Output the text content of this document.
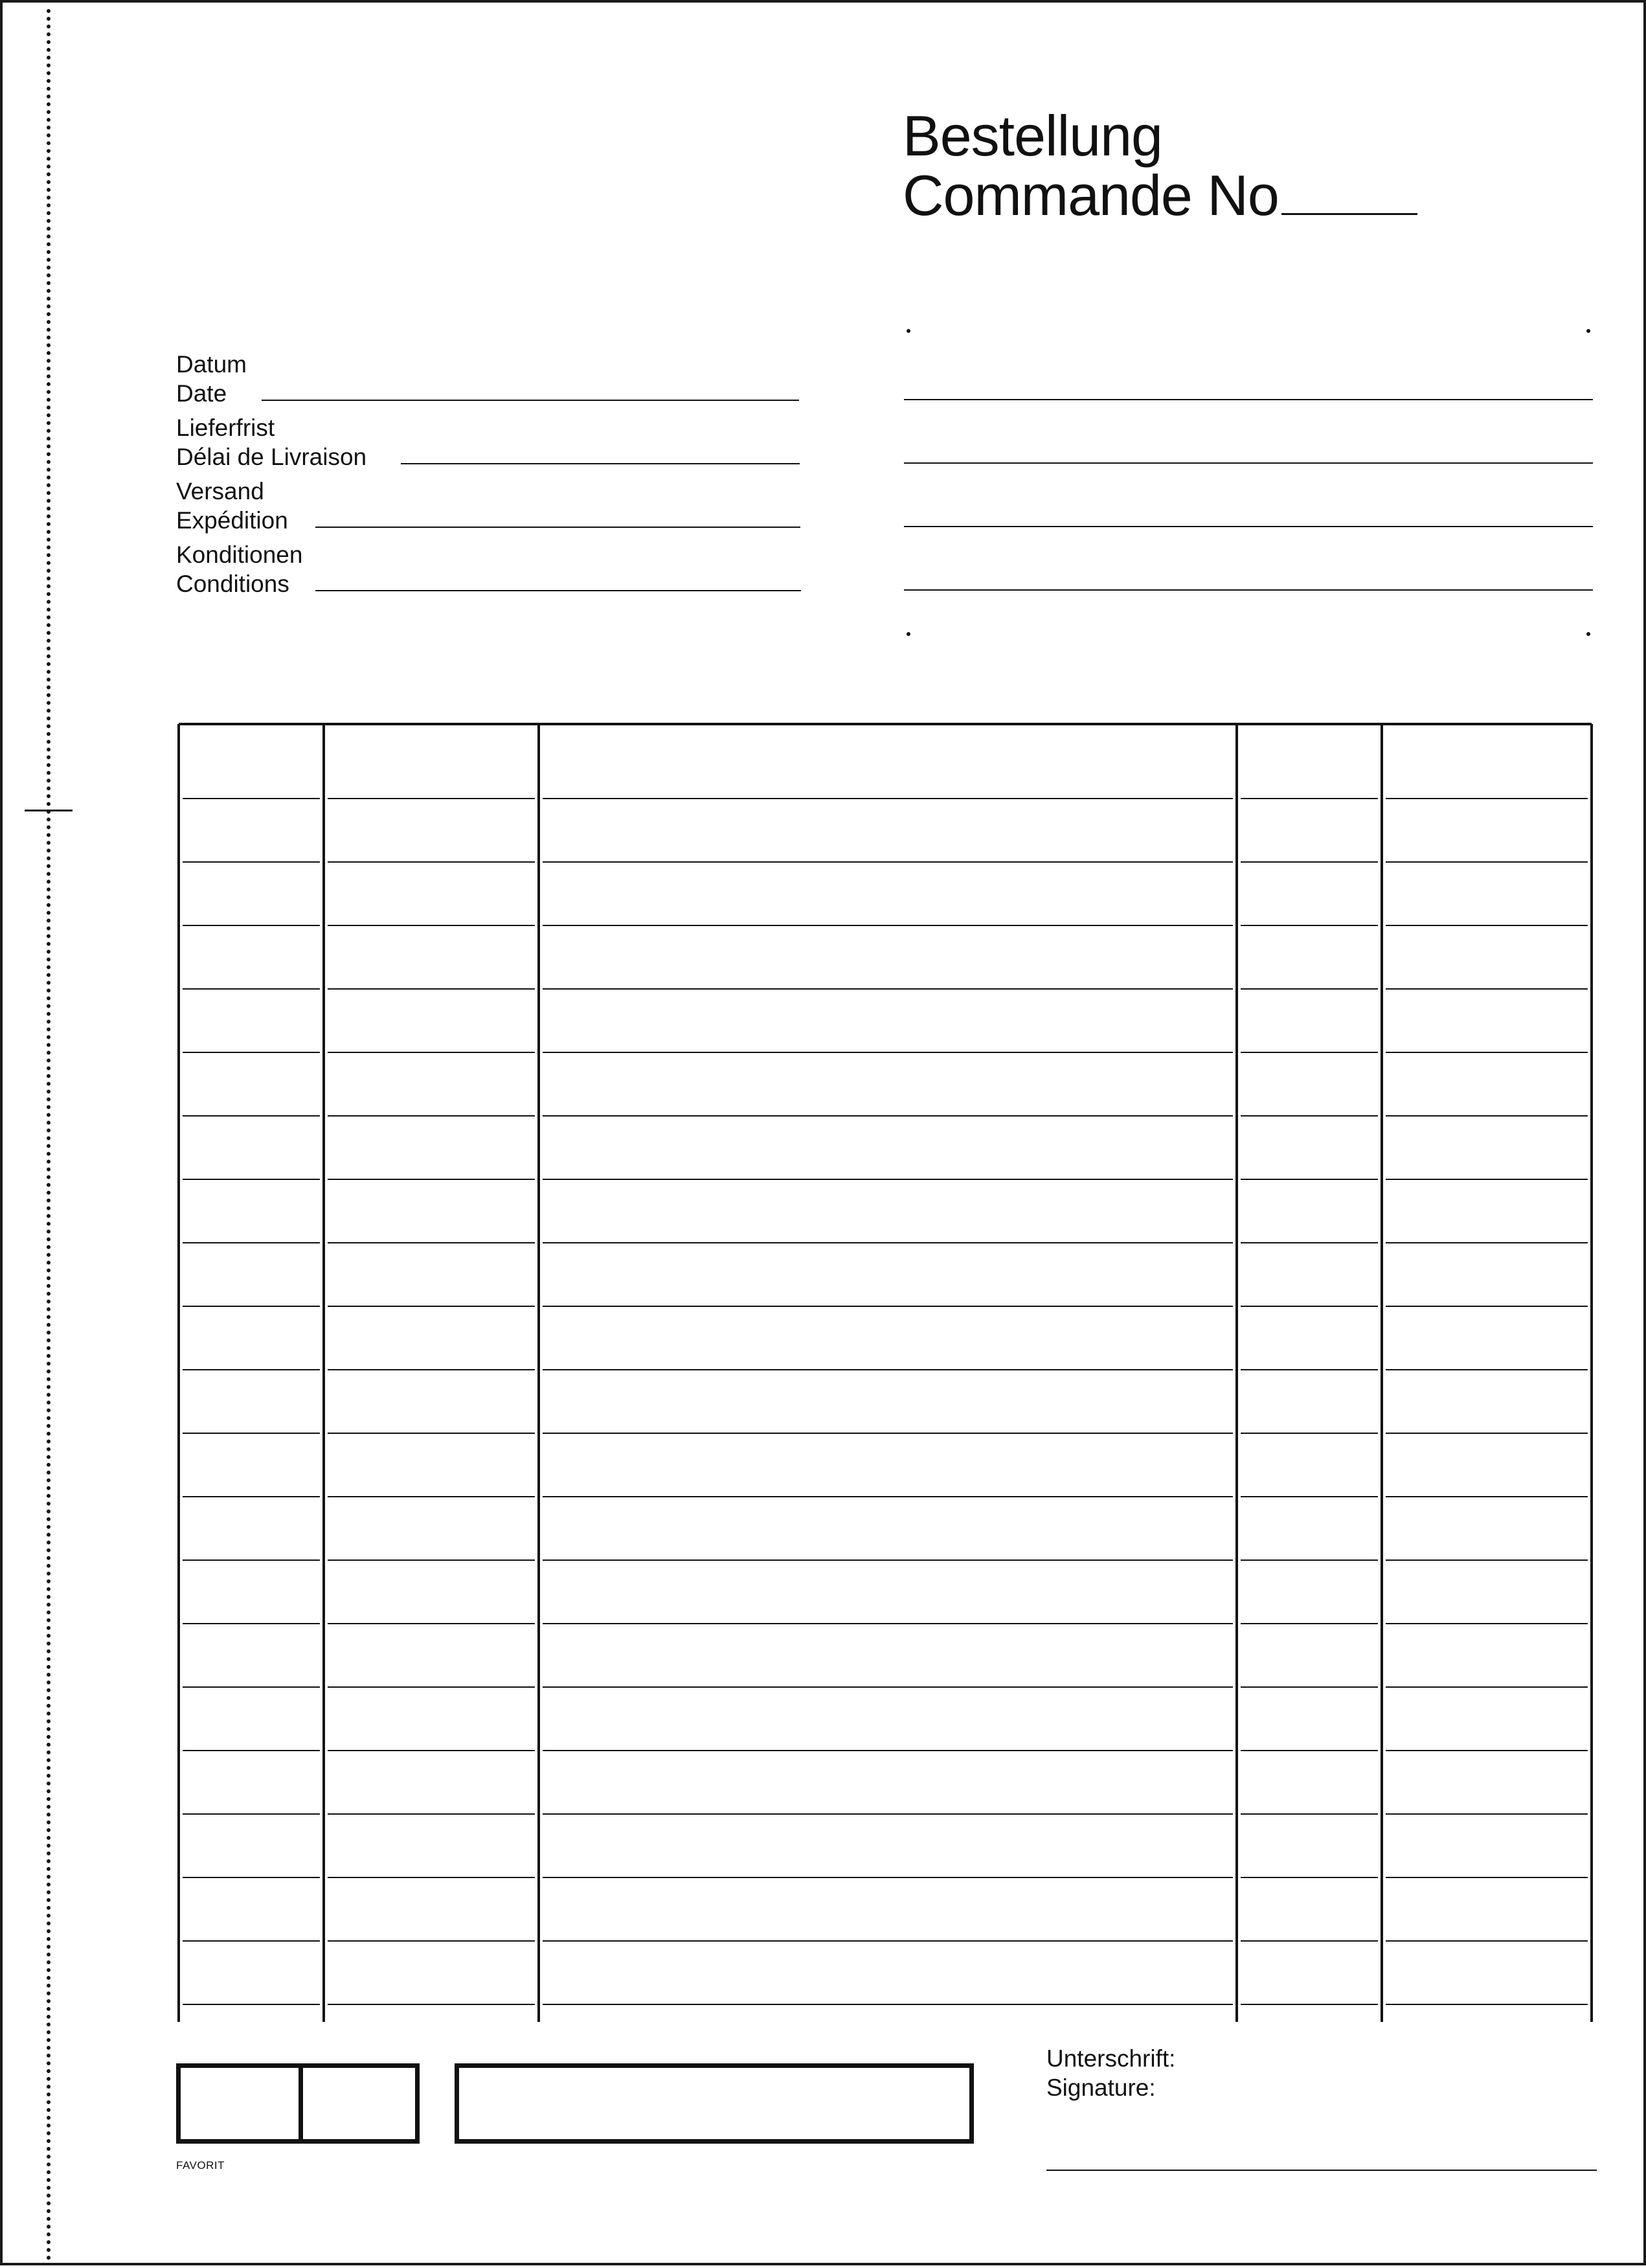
Bestellung
Commande No
Datum
Date
Lieferfrist
Délai de Livraison
Versand
Expédition
Konditionen
Conditions
FAVORIT
Unterschrift:
Signature:
